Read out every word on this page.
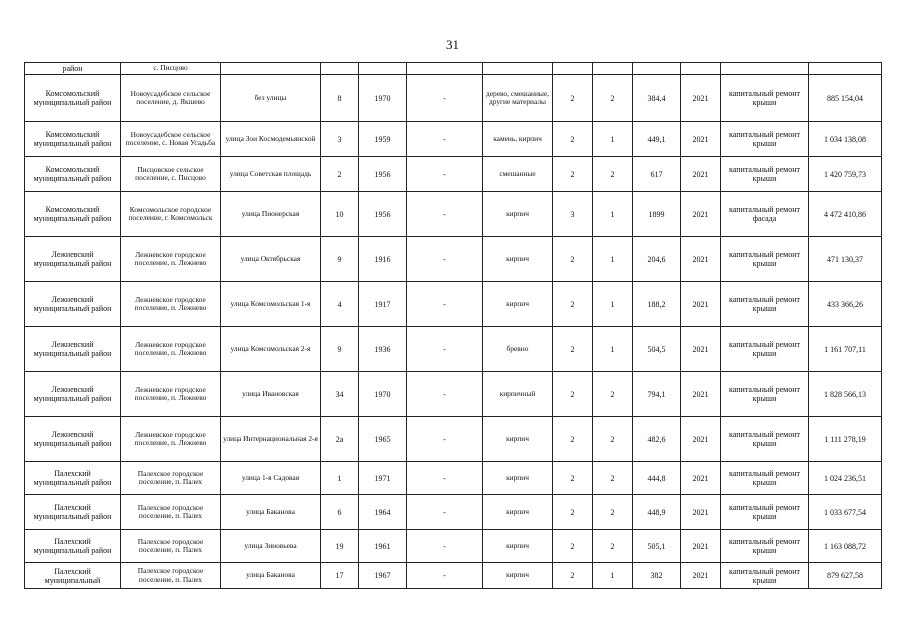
31
район	с. Писцово											
Комсомольский муниципальный район	Новоусадебское сельское поселение, д. Якшево	без улицы	8	1970	-	дерево, смешанные, другие материалы	2	2	384,4	2021	капитальный ремонт крыши	885 154,04
Комсомольский муниципальный район	Новоусадебское сельское поселение, с. Новая Усадьба	улица Зои Космодемьянской	3	1959	-	камень, кирпич	2	1	449,1	2021	капитальный ремонт крыши	1 034 138,08
Комсомольский муниципальный район	Писцовское сельское поселение, с. Писцово	улица Советская площадь	2	1956	-	смешанные	2	2	617	2021	капитальный ремонт крыши	1 420 759,73
Комсомольский муниципальный район	Комсомольское городское поселение, г. Комсомольск	улица Пионерская	10	1956	-	кирпич	3	1	1899	2021	капитальный ремонт фасада	4 472 410,86
Лежневский муниципальный район	Лежневское городское поселение, п. Лежнево	улица Октябрьская	9	1916	-	кирпич	2	1	204,6	2021	капитальный ремонт крыши	471 130,37
Лежневский муниципальный район	Лежневское городское поселение, п. Лежнево	улица Комсомольская 1-я	4	1917	-	кирпич	2	1	188,2	2021	капитальный ремонт крыши	433 366,26
Лежневский муниципальный район	Лежневское городское поселение, п. Лежнево	улица Комсомольская 2-я	9	1936	-	бревно	2	1	504,5	2021	капитальный ремонт крыши	1 161 707,11
Лежневский муниципальный район	Лежневское городское поселение, п. Лежнево	улица Ивановская	34	1970	-	кирпичный	2	2	794,1	2021	капитальный ремонт крыши	1 828 566,13
Лежневский муниципальный район	Лежневское городское поселение, п. Лежнево	улица Интернациональная 2-я	2а	1965	-	кирпич	2	2	482,6	2021	капитальный ремонт крыши	1 111 278,19
Палехский муниципальный район	Палехское городское поселение, п. Палех	улица 1-я Садовая	1	1971	-	кирпич	2	2	444,8	2021	капитальный ремонт крыши	1 024 236,51
Палехский муниципальный район	Палехское городское поселение, п. Палех	улица Баканова	6	1964	-	кирпич	2	2	448,9	2021	капитальный ремонт крыши	1 033 677,54
Палехский муниципальный район	Палехское городское поселение, п. Палех	улица Зиновьева	19	1961	-	кирпич	2	2	505,1	2021	капитальный ремонт крыши	1 163 088,72
Палехский муниципальный	Палехское городское поселение, п. Палех	улица Баканова	17	1967	-	кирпич	2	1	382	2021	капитальный ремонт крыши	879 627,58
